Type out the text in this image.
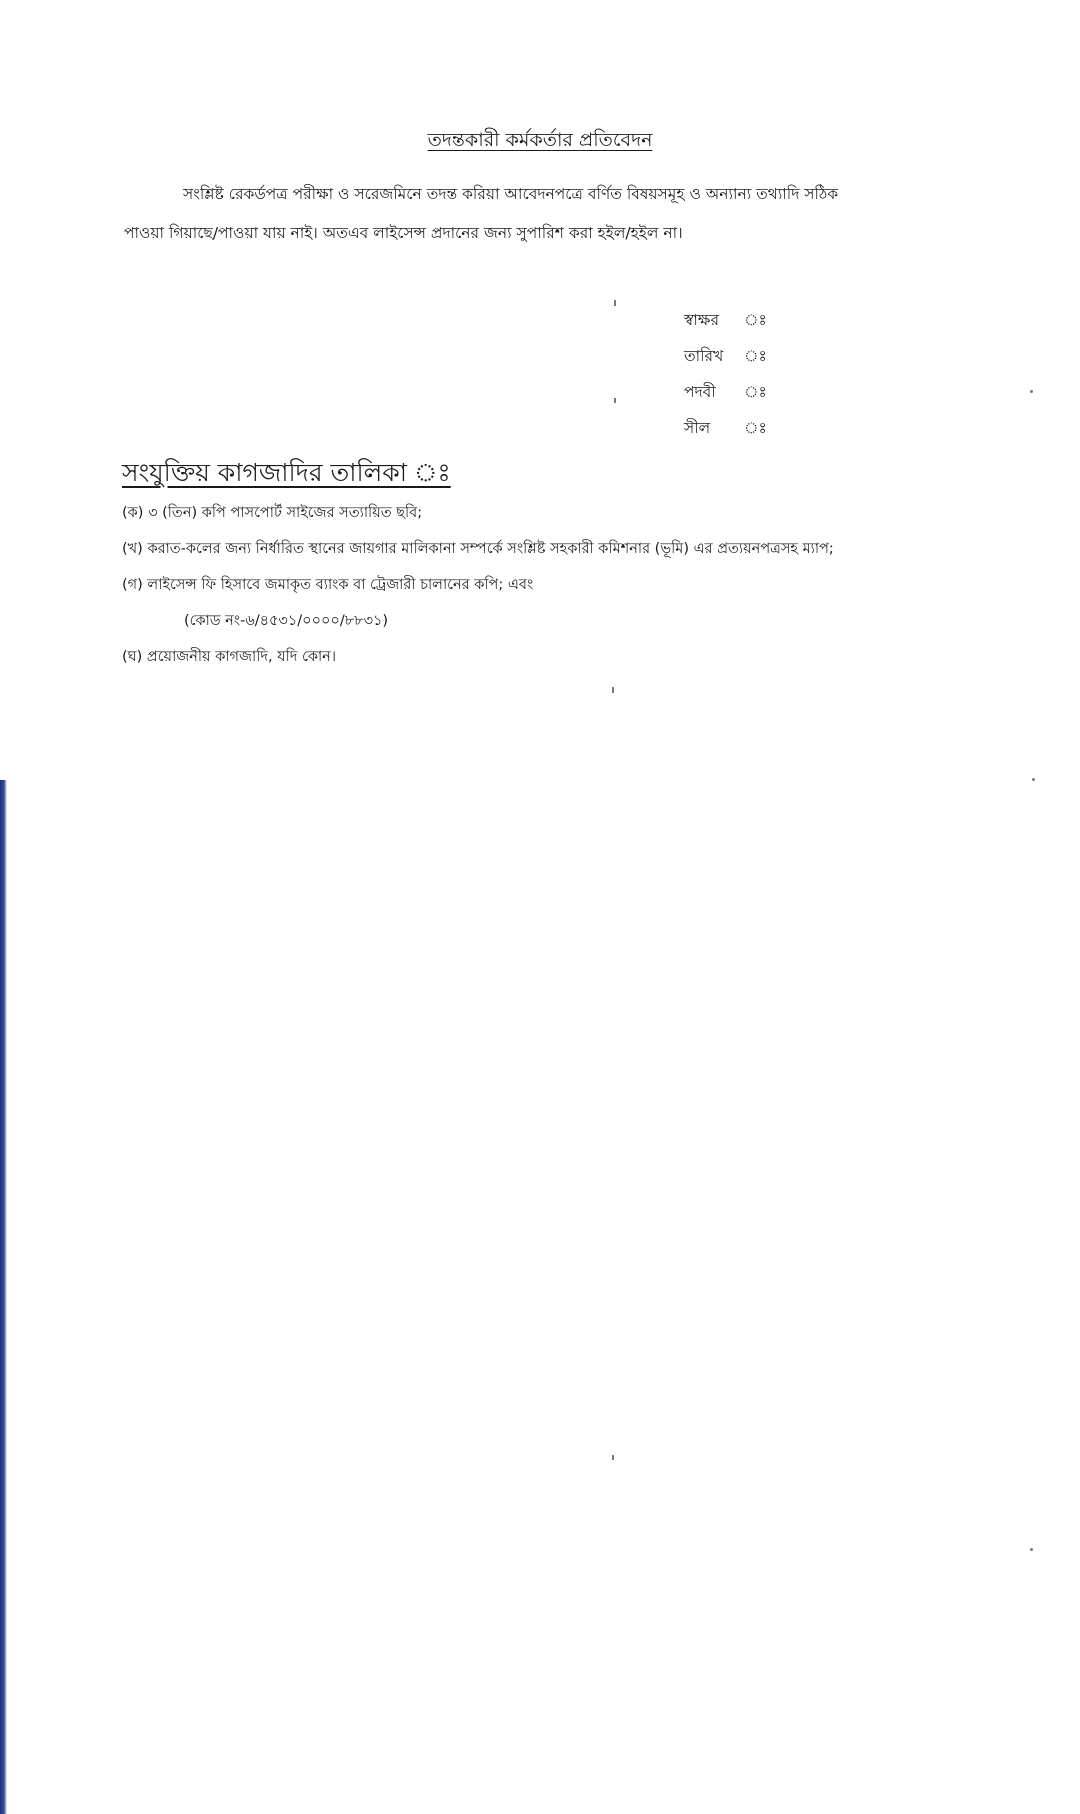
তদন্তকারী কর্মকর্তার প্রতিবেদন
সংশ্লিষ্ট রেকর্ডপত্র পরীক্ষা ও সরেজমিনে তদন্ত করিয়া আবেদনপত্রে বর্ণিত বিষয়সমূহ ও অন্যান্য তথ্যাদি সঠিক
পাওয়া গিয়াছে/পাওয়া যায় নাই। অতএব লাইসেন্স প্রদানের জন্য সুপারিশ করা হইল/হইল না।
স্বাক্ষর ঃ
তারিখ ঃ
পদবী ঃ
সীল ঃ
সংযুক্তিয় কাগজাদির তালিকা ঃ
(ক) ৩ (তিন) কপি পাসপোর্ট সাইজের সত্যায়িত ছবি;
(খ) করাত-কলের জন্য নির্ধারিত স্থানের জায়গার মালিকানা সম্পর্কে সংশ্লিষ্ট সহকারী কমিশনার (ভূমি) এর প্রত্যয়নপত্রসহ ম্যাপ;
(গ) লাইসেন্স ফি হিসাবে জমাকৃত ব্যাংক বা ট্রেজারী চালানের কপি; এবং
(কোড নং-৬/৪৫৩১/০০০০/৮৮৩১)
(ঘ) প্রয়োজনীয় কাগজাদি, যদি কোন।
